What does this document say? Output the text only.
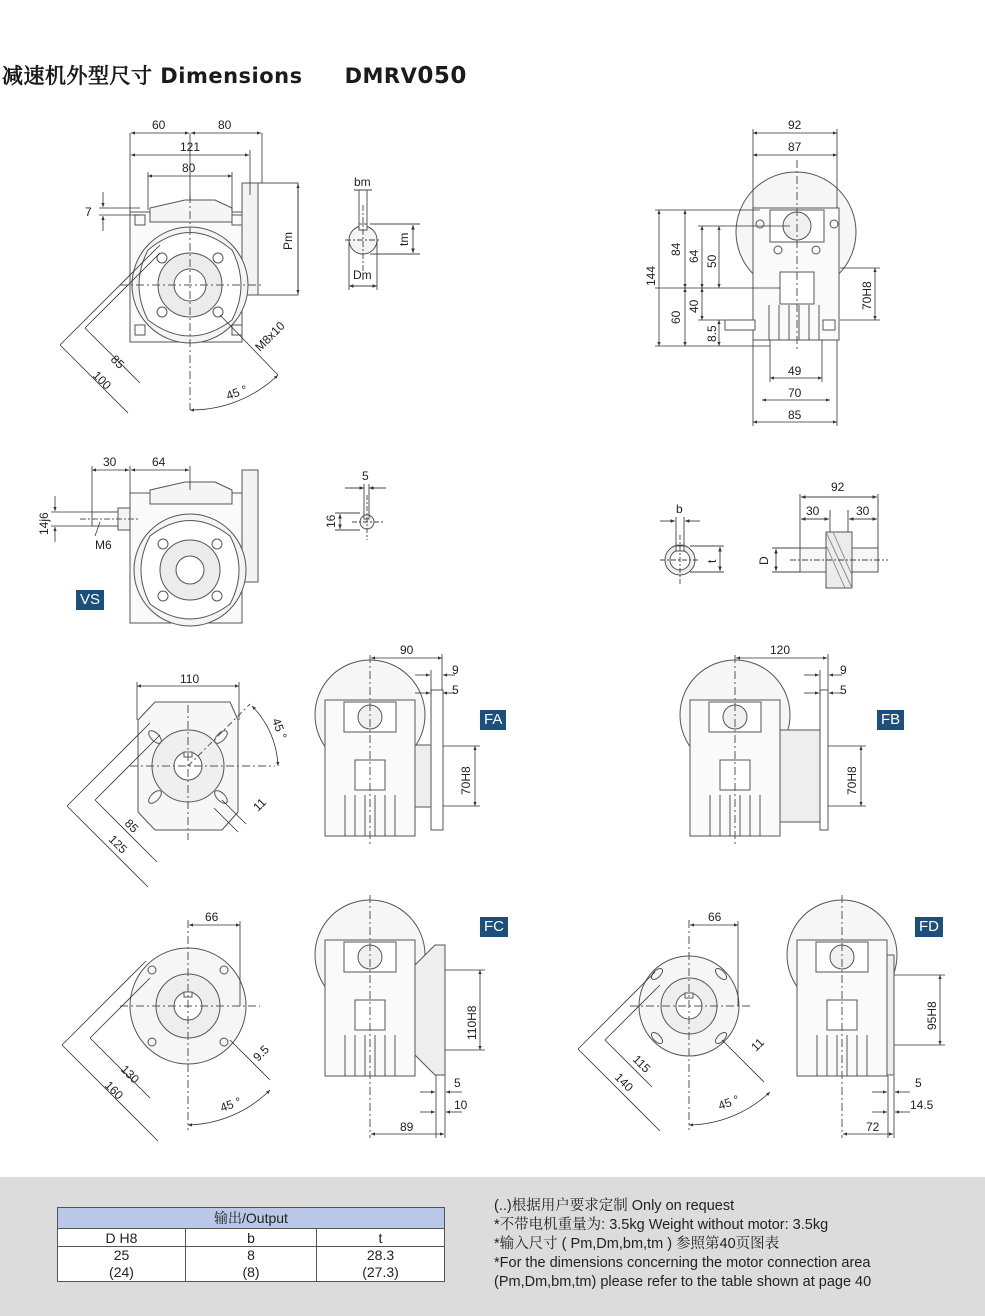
减速机外型尺寸 Dimensions DMRV050
60	80
121
80
7
Pm
85
100
M8x10
45 °
bm
tm
Dm
92
87
144
84
64 50
60
40
8.5
70H8
49
70
85
30	64
14j6
M6
5
16
b
t
92
30	30
D
110
45 °
11
85
125
90
9
5
70H8
120
9
5
70H8
66
9.5
130
160
45 °
110H8
5
10
89
66
11
115
140
45 °
95H8
5
14.5
72
VS
FA	FB
FC	FD
输出/Output		
D H8	b	t
25	8	28.3
(24)	(8)	(27.3)
(..)根据用户要求定制 Only on request
*不带电机重量为: 3.5kg Weight without motor: 3.5kg
*输入尺寸 ( Pm,Dm,bm,tm ) 参照第40页图表
*For the dimensions concerning the motor connection area
(Pm,Dm,bm,tm) please refer to the table shown at page 40
